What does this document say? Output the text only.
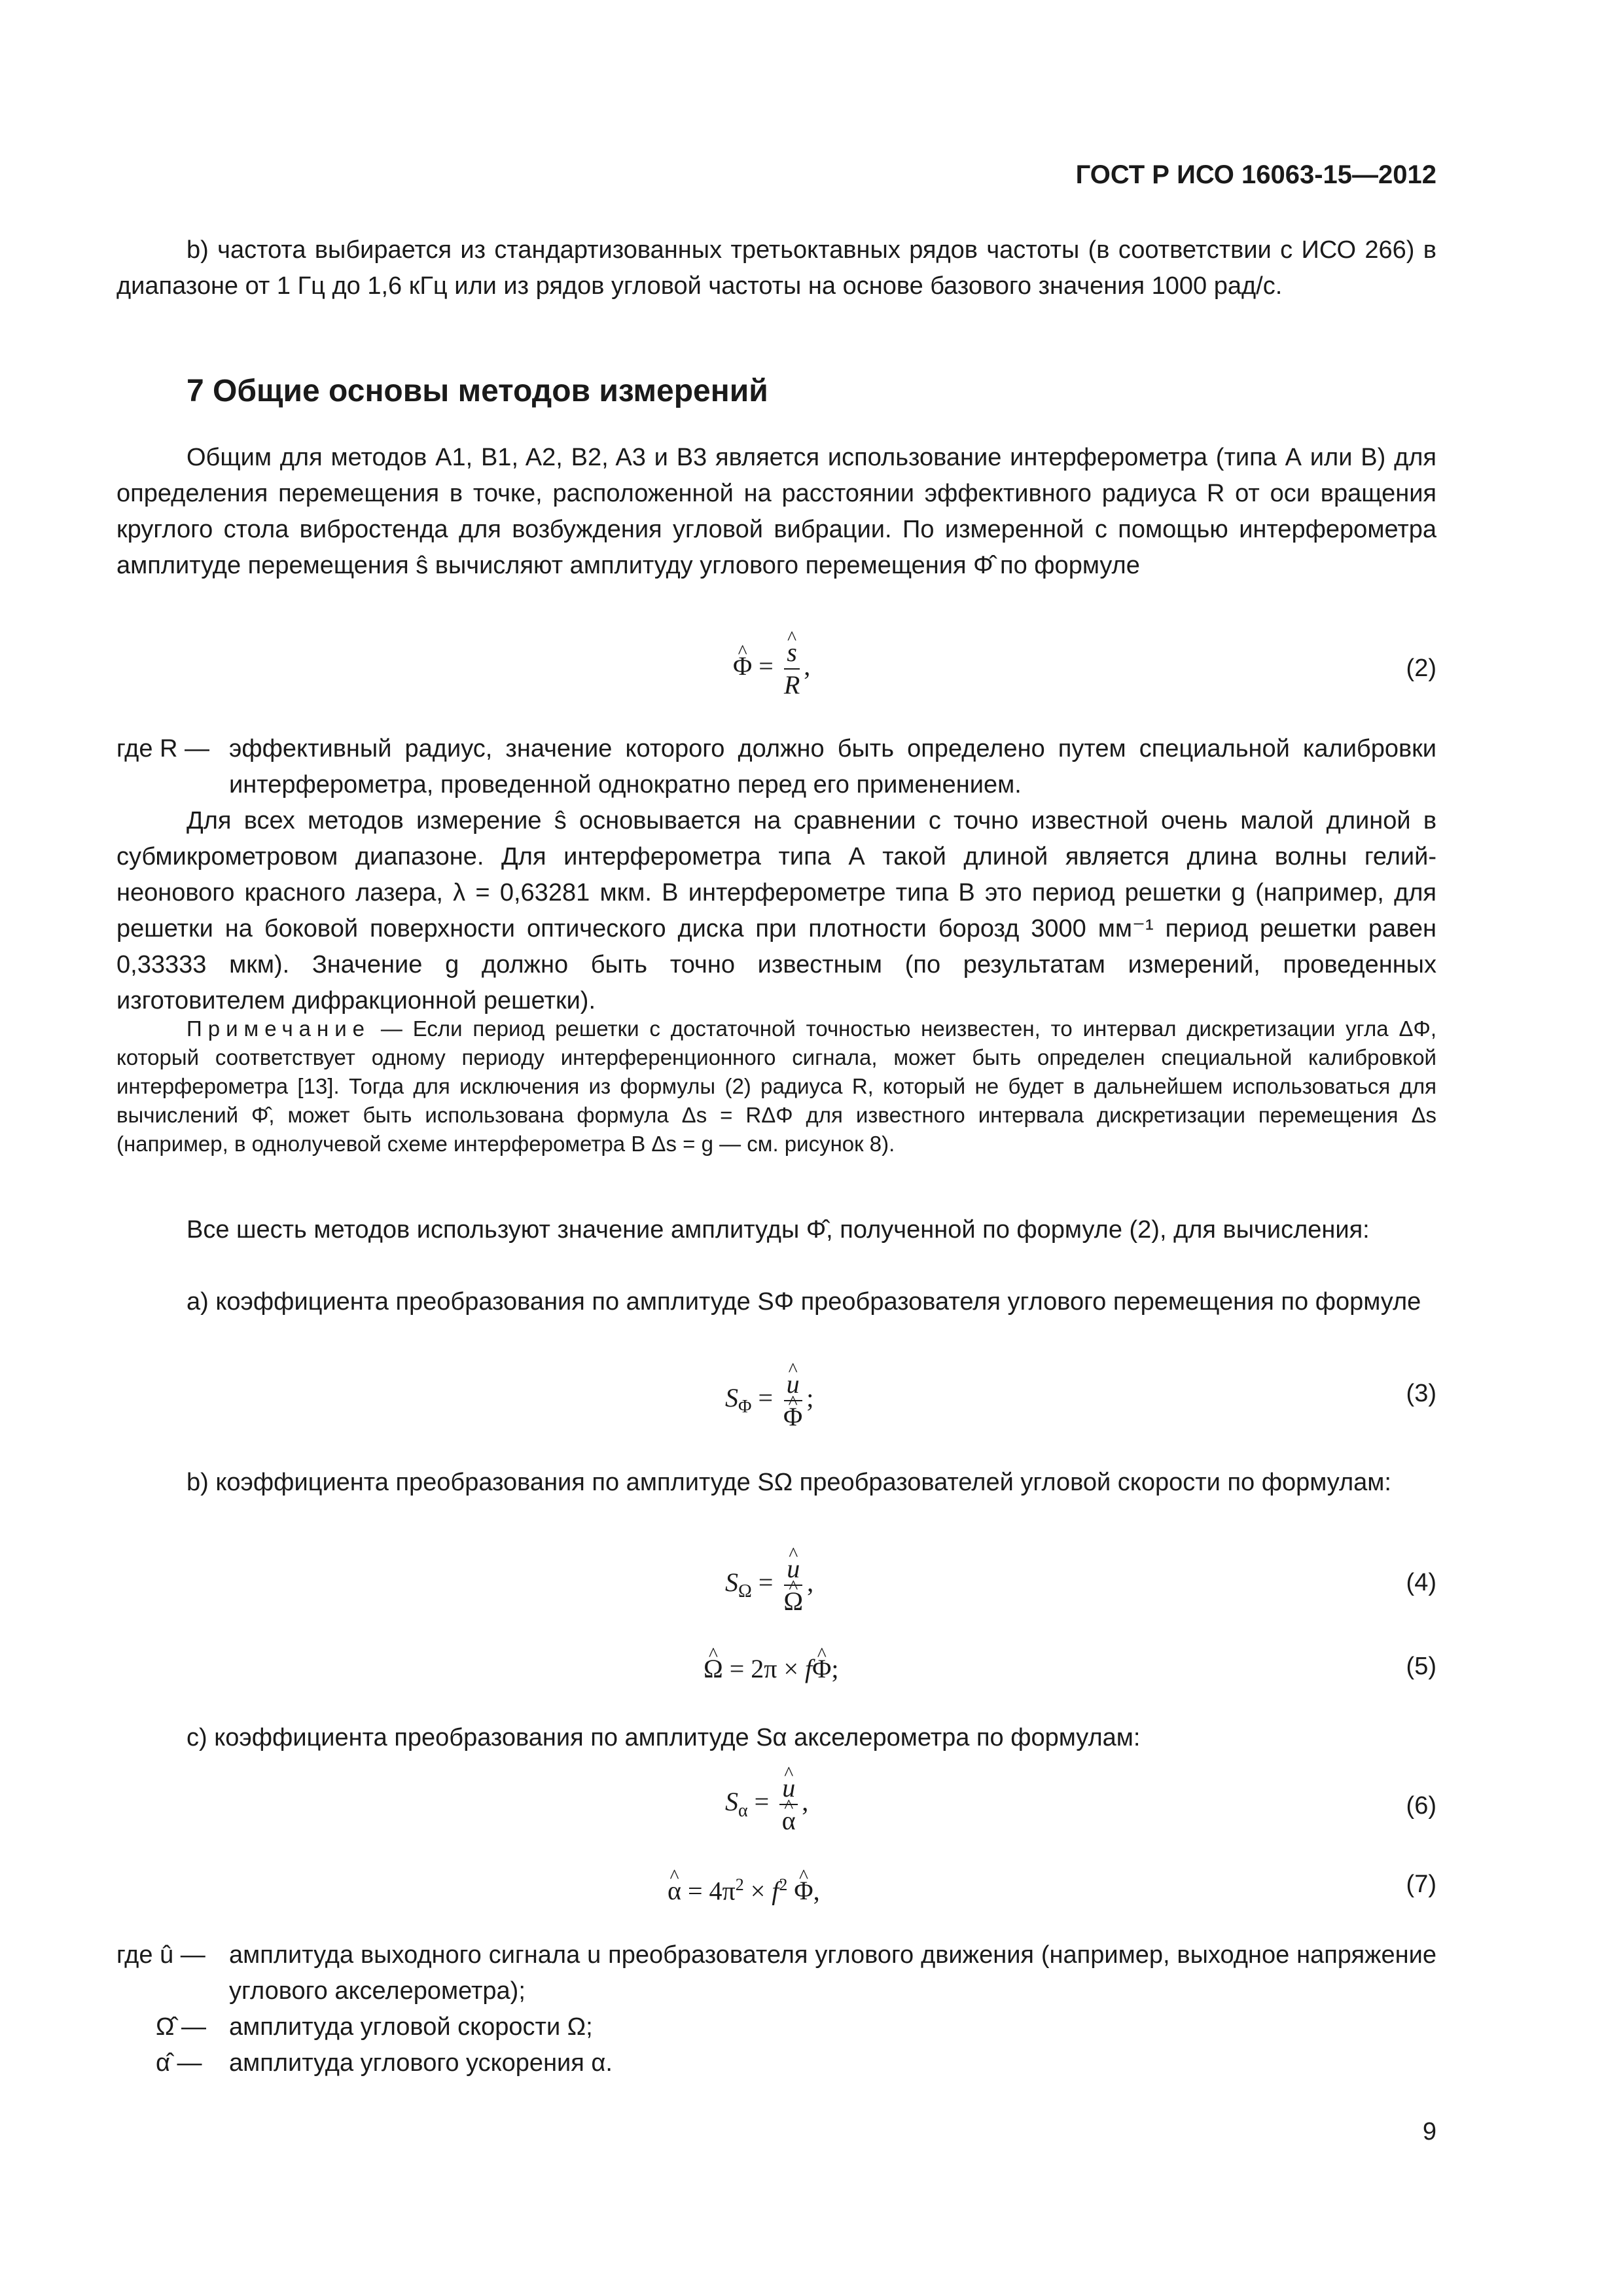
ГОСТ Р ИСО 16063-15—2012
b) частота выбирается из стандартизованных третьоктавных рядов частоты (в соответствии с ИСО 266) в диапазоне от 1 Гц до 1,6 кГц или из рядов угловой частоты на основе базового значения 1000 рад/с.
7 Общие основы методов измерений
Общим для методов A1, B1, A2, B2, A3 и B3 является использование интерферометра (типа А или В) для определения перемещения в точке, расположенной на расстоянии эффективного радиуса R от оси вращения круглого стола вибростенда для возбуждения угловой вибрации. По измеренной с помощью интерферометра амплитуде перемещения ŝ вычисляют амплитуду углового перемещения Φ̂ по формуле
^ Φ = ^ $\frac{s}{R}$ ,	(2)
где R — эффективный радиус, значение которого должно быть определено путем специальной калибровки интерферометра, проведенной однократно перед его применением.
Для всех методов измерение ŝ основывается на сравнении с точно известной очень малой длиной в субмикрометровом диапазоне. Для интерферометра типа А такой длиной является длина волны гелий-неонового красного лазера, λ = 0,63281 мкм. В интерферометре типа В это период решетки g (например, для решетки на боковой поверхности оптического диска при плотности борозд 3000 мм⁻¹ период решетки равен 0,33333 мкм). Значение g должно быть точно известным (по результатам измерений, проведенных изготовителем дифракционной решетки).
Примечание — Если период решетки с достаточной точностью неизвестен, то интервал дискретизации угла ΔΦ, который соответствует одному периоду интерференционного сигнала, может быть определен специальной калибровкой интерферометра [13]. Тогда для исключения из формулы (2) радиуса R, который не будет в дальнейшем использоваться для вычислений Φ̂, может быть использована формула Δs = RΔΦ для известного интервала дискретизации перемещения Δs (например, в однолучевой схеме интерферометра В Δs = g — см. рисунок 8).
Все шесть методов используют значение амплитуды Φ̂, полученной по формуле (2), для вычисления:
а) коэффициента преобразования по амплитуде SΦ преобразователя углового перемещения по формуле
$S_\Phi$ = ^ u
^ Φ ;	(3)
b) коэффициента преобразования по амплитуде SΩ преобразователей угловой скорости по формулам:
$S_\Omega$ = ^ u
^ Ω ,	(4)
^ Ω = 2π × f^ Φ;	(5)
c) коэффициента преобразования по амплитуде Sα акселерометра по формулам:
$S_\alpha$ = ^ u
^ α ,	(6)
^ $\alpha = 4\pi^2 \times f^2$ ^ Φ,	(7)
где û — амплитуда выходного сигнала u преобразователя углового движения (например, выходное напряжение углового акселерометра);
Ω̂ — амплитуда угловой скорости Ω;
α̂ — амплитуда углового ускорения α.
9
